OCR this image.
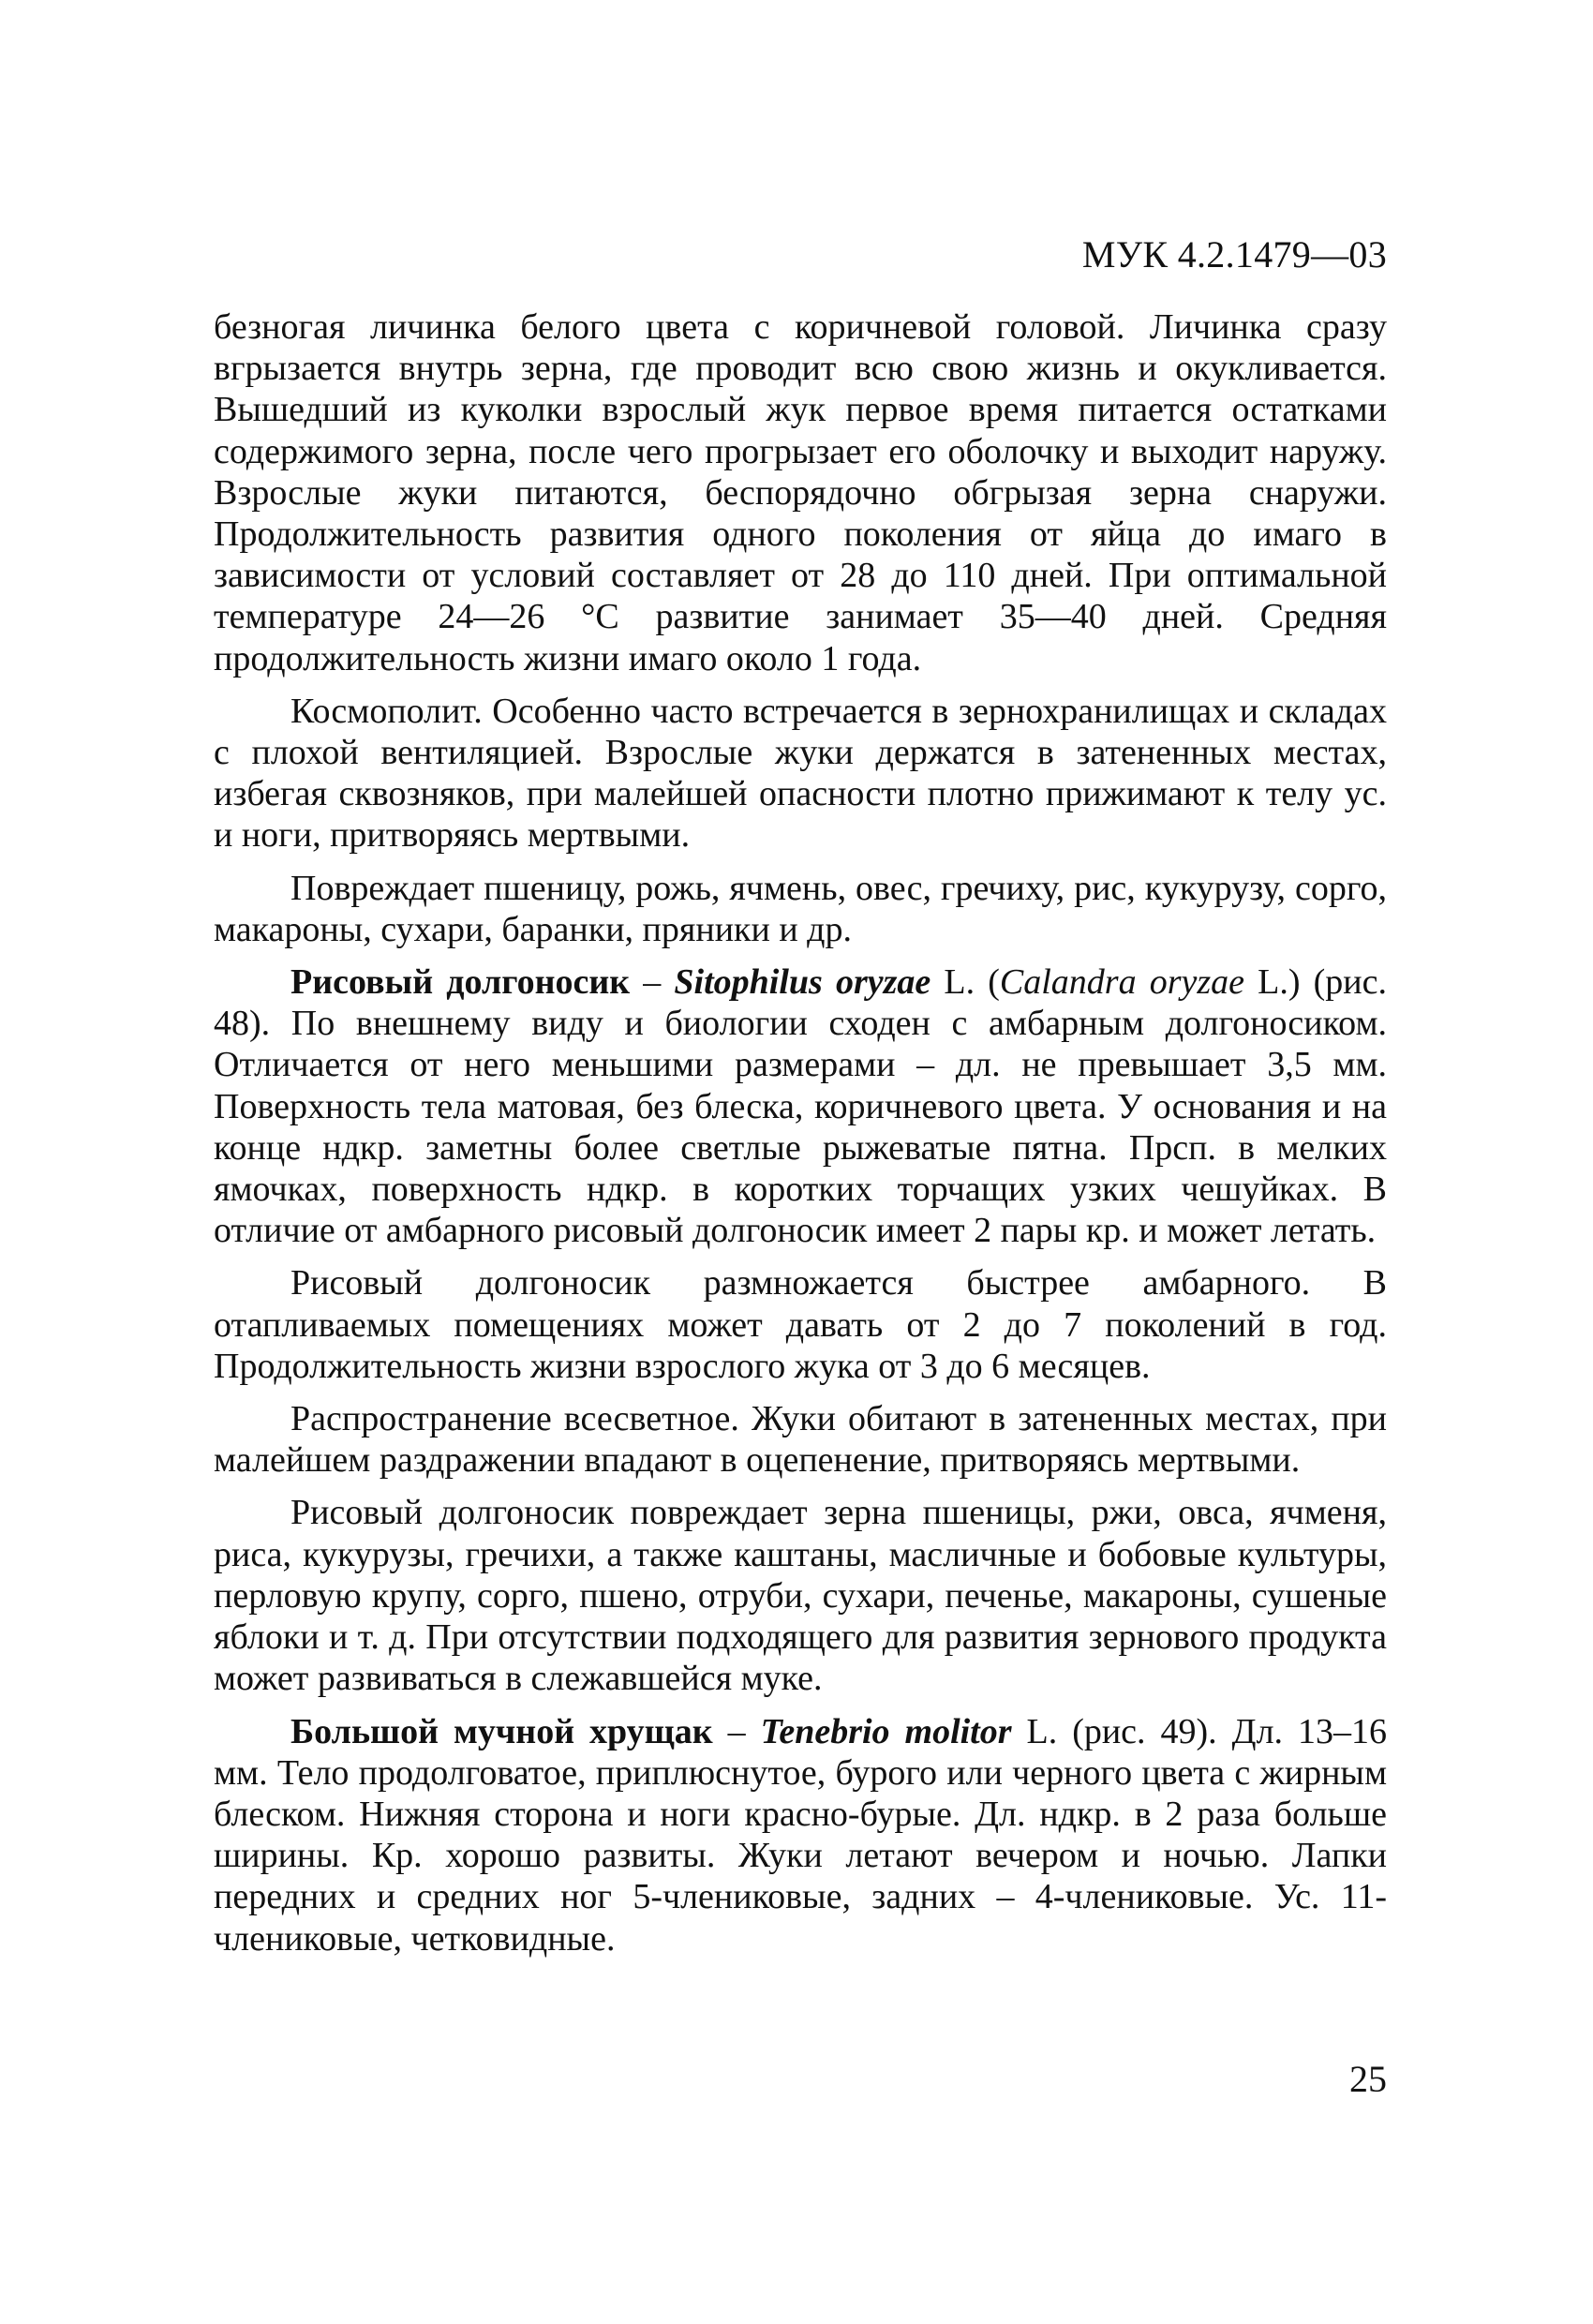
МУК 4.2.1479—03

безногая личинка белого цвета с коричневой головой. Личинка сразу вгрызается внутрь зерна, где проводит всю свою жизнь и окукливается. Вышедший из куколки взрослый жук первое время питается остатками содержимого зерна, после чего прогрызает его оболочку и выходит наружу. Взрослые жуки питаются, беспорядочно обгрызая зерна снаружи. Продолжительность развития одного поколения от яйца до имаго в зависимости от условий составляет от 28 до 110 дней. При оптимальной температуре 24—26 °С развитие занимает 35—40 дней. Средняя продолжительность жизни имаго около 1 года.

Космополит. Особенно часто встречается в зернохранилищах и складах с плохой вентиляцией. Взрослые жуки держатся в затененных местах, избегая сквозняков, при малейшей опасности плотно прижимают к телу ус. и ноги, притворяясь мертвыми.

Повреждает пшеницу, рожь, ячмень, овес, гречиху, рис, кукурузу, сорго, макароны, сухари, баранки, пряники и др.

Рисовый долгоносик – Sitophilus oryzae L. (Calandra oryzae L.) (рис. 48). По внешнему виду и биологии сходен с амбарным долгоносиком. Отличается от него меньшими размерами – дл. не превышает 3,5 мм. Поверхность тела матовая, без блеска, коричневого цвета. У основания и на конце ндкр. заметны более светлые рыжеватые пятна. Прсп. в мелких ямочках, поверхность ндкр. в коротких торчащих узких чешуйках. В отличие от амбарного рисовый долгоносик имеет 2 пары кр. и может летать.

Рисовый долгоносик размножается быстрее амбарного. В отапливаемых помещениях может давать от 2 до 7 поколений в год. Продолжительность жизни взрослого жука от 3 до 6 месяцев.

Распространение всесветное. Жуки обитают в затененных местах, при малейшем раздражении впадают в оцепенение, притворяясь мертвыми.

Рисовый долгоносик повреждает зерна пшеницы, ржи, овса, ячменя, риса, кукурузы, гречихи, а также каштаны, масличные и бобовые культуры, перловую крупу, сорго, пшено, отруби, сухари, печенье, макароны, сушеные яблоки и т. д. При отсутствии подходящего для развития зернового продукта может развиваться в слежавшейся муке.

Большой мучной хрущак – Tenebrio molitor L. (рис. 49). Дл. 13–16 мм. Тело продолговатое, приплюснутое, бурого или черного цвета с жирным блеском. Нижняя сторона и ноги красно-бурые. Дл. ндкр. в 2 раза больше ширины. Кр. хорошо развиты. Жуки летают вечером и ночью. Лапки передних и средних ног 5-члениковые, задних – 4-члениковые. Ус. 11-члениковые, четковидные.

25
